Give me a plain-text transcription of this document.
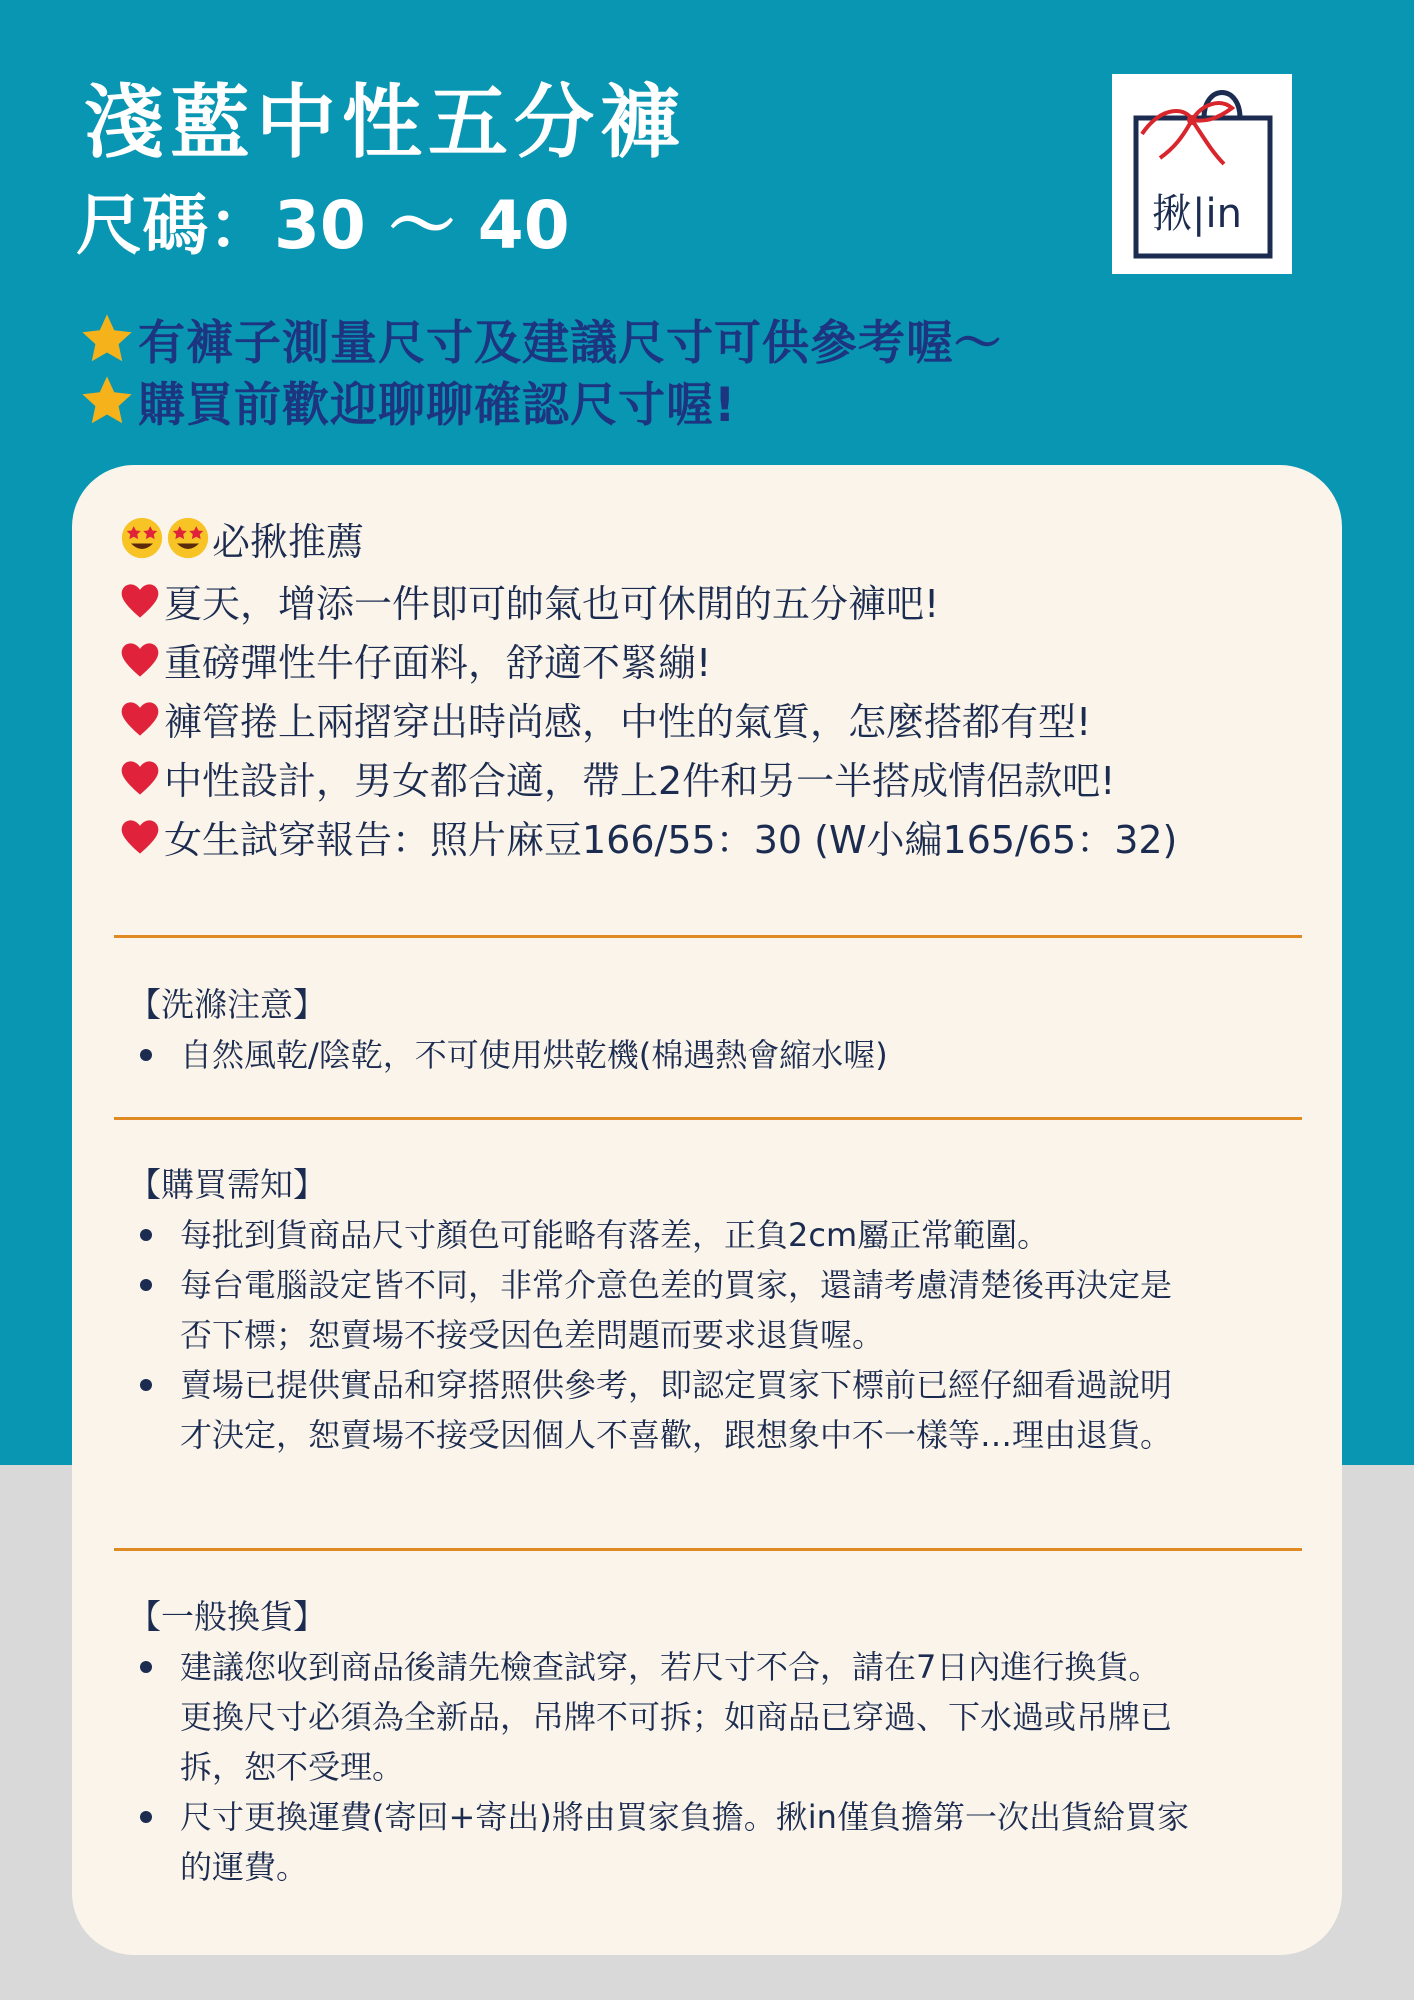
淺藍中性五分褲

尺碼：30 ～ 40	揪|in
有褲子測量尺寸及建議尺寸可供參考喔～
購買前歡迎聊聊確認尺寸喔!
必揪推薦
夏天，增添一件即可帥氣也可休閒的五分褲吧!
重磅彈性牛仔面料，舒適不緊繃!
褲管捲上兩摺穿出時尚感，中性的氣質，怎麼搭都有型!
中性設計，男女都合適，帶上2件和另一半搭成情侶款吧!
女生試穿報告：照片麻豆166/55：30 (W小編165/65：32)
【洗滌注意】
自然風乾/陰乾，不可使用烘乾機(棉遇熱會縮水喔)
【購買需知】
每批到貨商品尺寸顏色可能略有落差，正負2cm屬正常範圍。
每台電腦設定皆不同，非常介意色差的買家，還請考慮清楚後再決定是
否下標；恕賣場不接受因色差問題而要求退貨喔。
賣場已提供實品和穿搭照供參考，即認定買家下標前已經仔細看過說明
才決定，恕賣場不接受因個人不喜歡，跟想象中不一樣等…理由退貨。
【一般換貨】
建議您收到商品後請先檢查試穿，若尺寸不合，請在7日內進行換貨。
更換尺寸必須為全新品，吊牌不可拆；如商品已穿過、下水過或吊牌已
拆，恕不受理。
尺寸更換運費(寄回+寄出)將由買家負擔。揪in僅負擔第一次出貨給買家
的運費。
